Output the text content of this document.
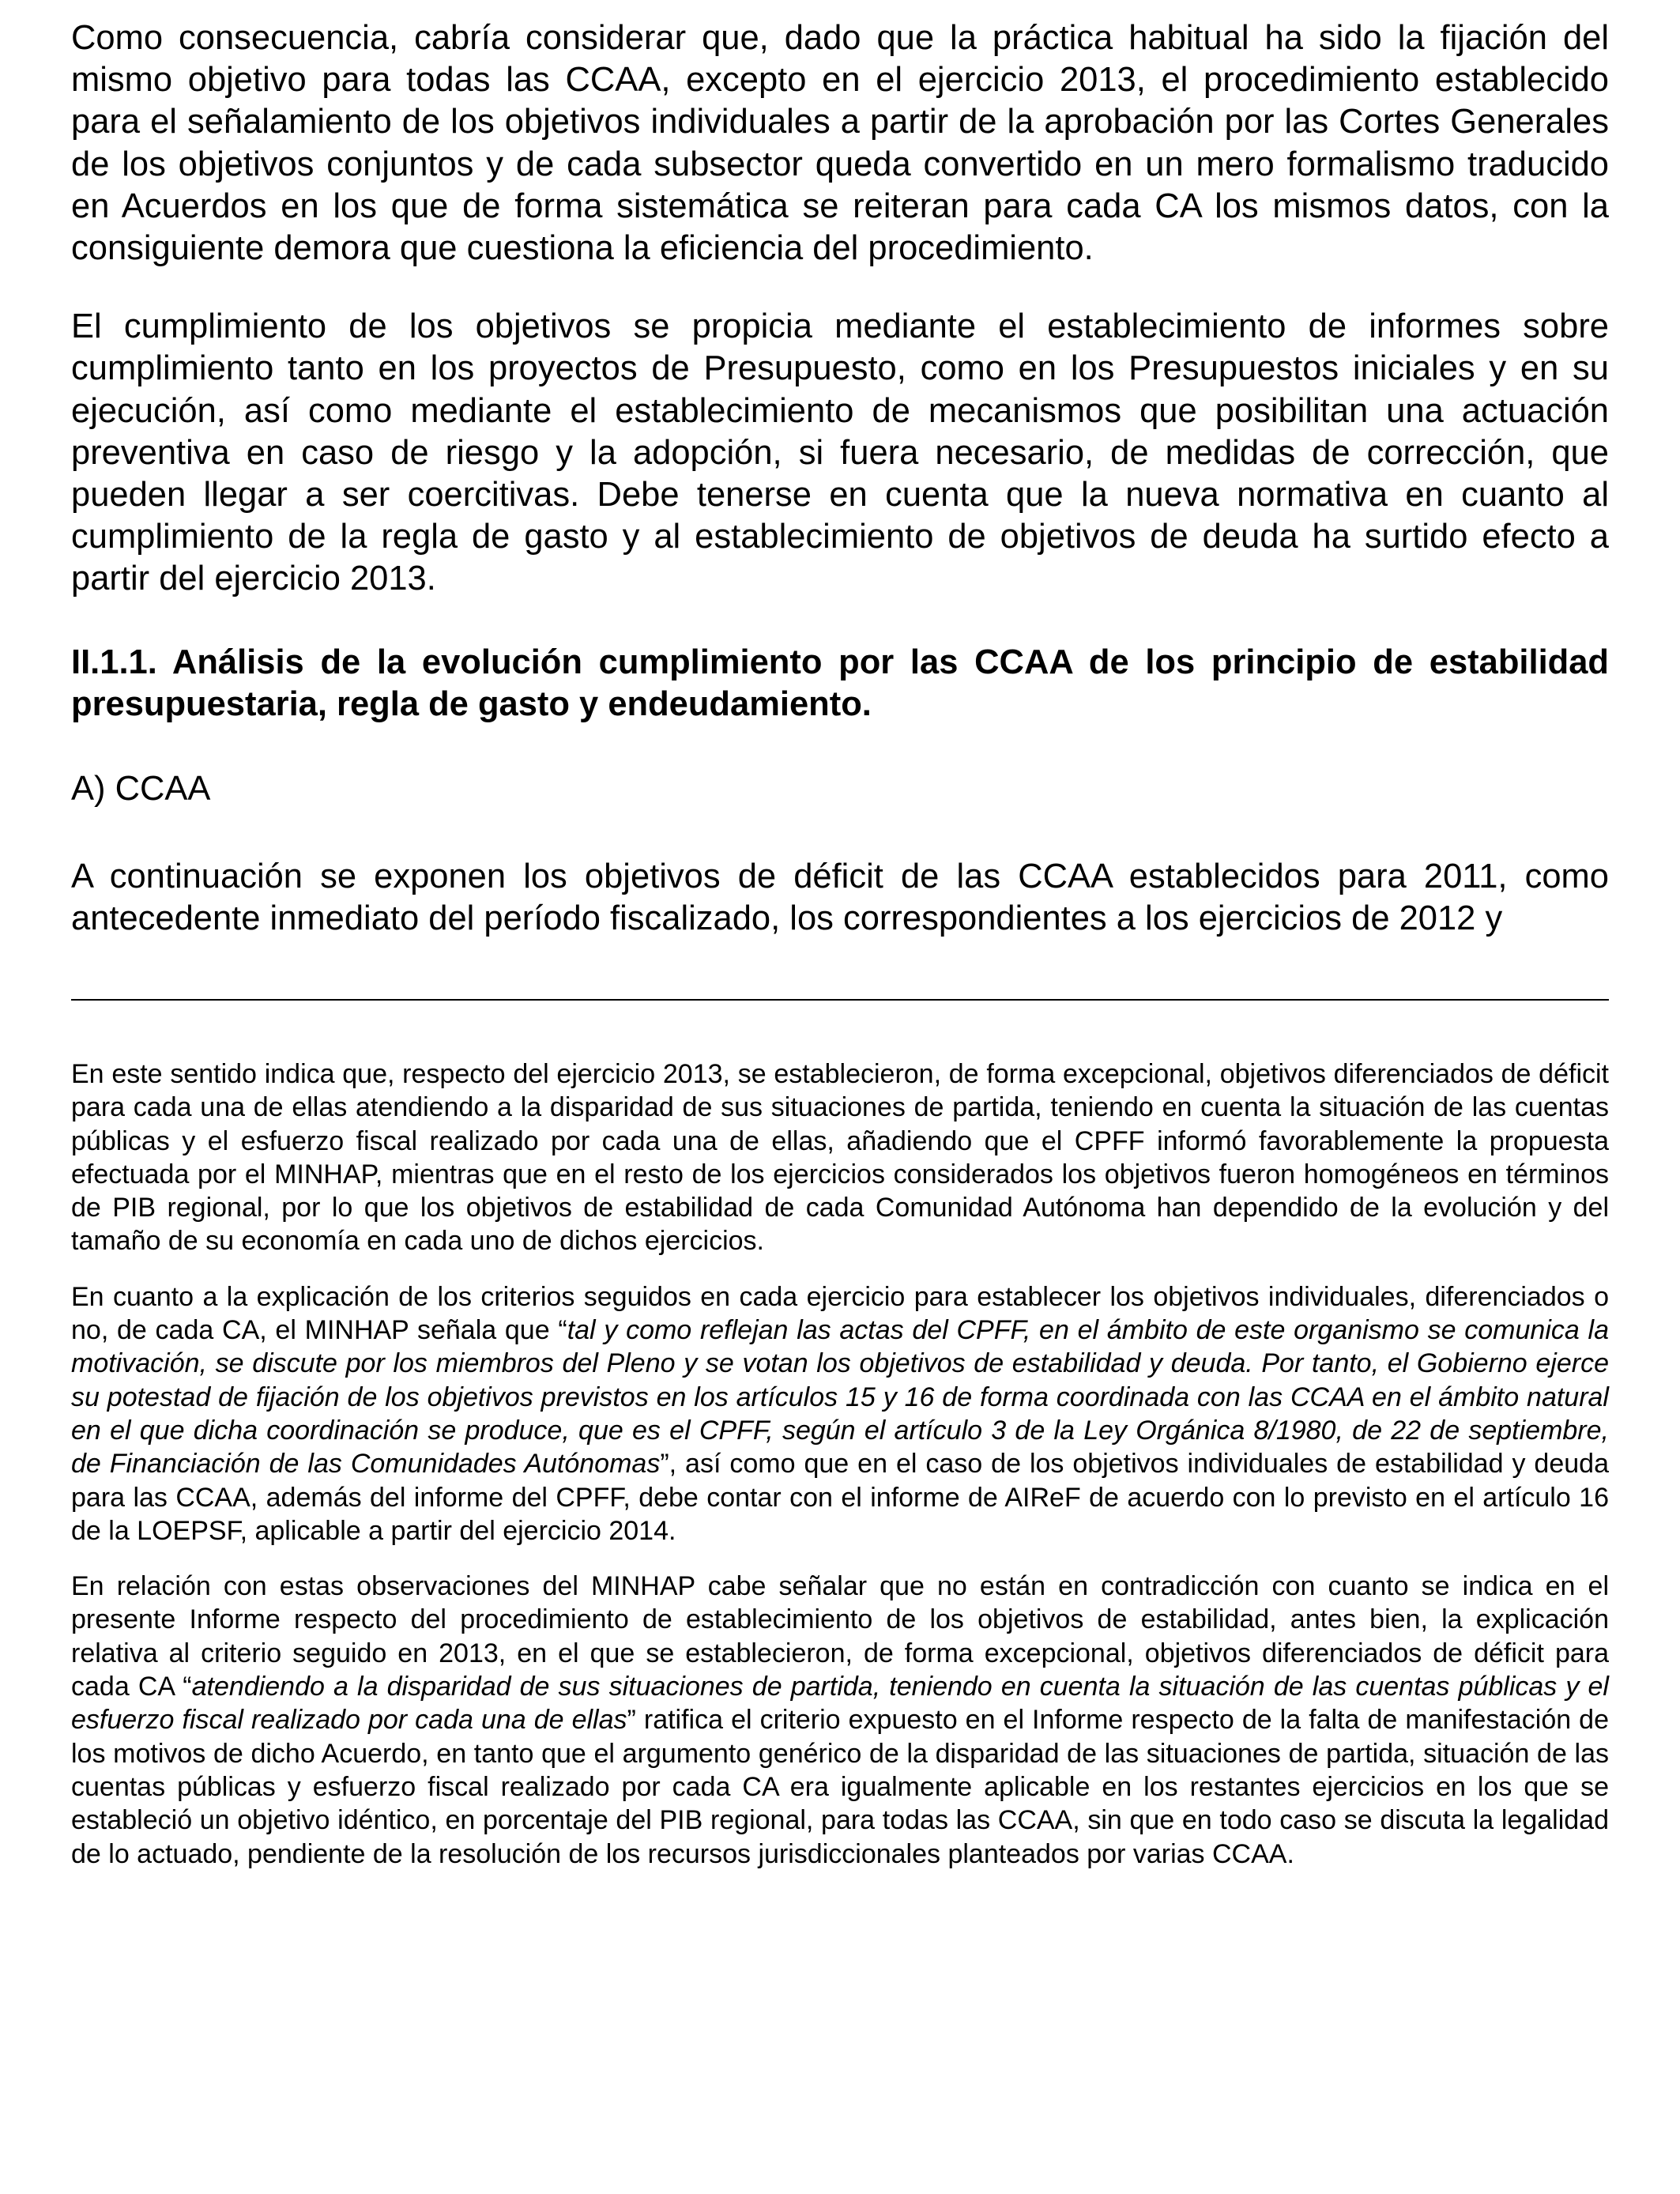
Como consecuencia, cabría considerar que, dado que la práctica habitual ha sido la fijación del mismo objetivo para todas las CCAA, excepto en el ejercicio 2013, el procedimiento establecido para el señalamiento de los objetivos individuales a partir de la aprobación por las Cortes Generales de los objetivos conjuntos y de cada subsector queda convertido en un mero formalismo traducido en Acuerdos en los que de forma sistemática se reiteran para cada CA los mismos datos, con la consiguiente demora que cuestiona la eficiencia del procedimiento.

El cumplimiento de los objetivos se propicia mediante el establecimiento de informes sobre cumplimiento tanto en los proyectos de Presupuesto, como en los Presupuestos iniciales y en su ejecución, así como mediante el establecimiento de mecanismos que posibilitan una actuación preventiva en caso de riesgo y la adopción, si fuera necesario, de medidas de corrección, que pueden llegar a ser coercitivas. Debe tenerse en cuenta que la nueva normativa en cuanto al cumplimiento de la regla de gasto y al establecimiento de objetivos de deuda ha surtido efecto a partir del ejercicio 2013.

II.1.1. Análisis de la evolución cumplimiento por las CCAA de los principio de estabilidad presupuestaria, regla de gasto y endeudamiento.

A) CCAA

A continuación se exponen los objetivos de déficit de las CCAA establecidos para 2011, como antecedente inmediato del período fiscalizado, los correspondientes a los ejercicios de 2012 y

En este sentido indica que, respecto del ejercicio 2013, se establecieron, de forma excepcional, objetivos diferenciados de déficit para cada una de ellas atendiendo a la disparidad de sus situaciones de partida, teniendo en cuenta la situación de las cuentas públicas y el esfuerzo fiscal realizado por cada una de ellas, añadiendo que el CPFF informó favorablemente la propuesta efectuada por el MINHAP, mientras que en el resto de los ejercicios considerados los objetivos fueron homogéneos en términos de PIB regional, por lo que los objetivos de estabilidad de cada Comunidad Autónoma han dependido de la evolución y del tamaño de su economía en cada uno de dichos ejercicios.

En cuanto a la explicación de los criterios seguidos en cada ejercicio para establecer los objetivos individuales, diferenciados o no, de cada CA, el MINHAP señala que “tal y como reflejan las actas del CPFF, en el ámbito de este organismo se comunica la motivación, se discute por los miembros del Pleno y se votan los objetivos de estabilidad y deuda. Por tanto, el Gobierno ejerce su potestad de fijación de los objetivos previstos en los artículos 15 y 16 de forma coordinada con las CCAA en el ámbito natural en el que dicha coordinación se produce, que es el CPFF, según el artículo 3 de la Ley Orgánica 8/1980, de 22 de septiembre, de Financiación de las Comunidades Autónomas”, así como que en el caso de los objetivos individuales de estabilidad y deuda para las CCAA, además del informe del CPFF, debe contar con el informe de AIReF de acuerdo con lo previsto en el artículo 16 de la LOEPSF, aplicable a partir del ejercicio 2014.

En relación con estas observaciones del MINHAP cabe señalar que no están en contradicción con cuanto se indica en el presente Informe respecto del procedimiento de establecimiento de los objetivos de estabilidad, antes bien, la explicación relativa al criterio seguido en 2013, en el que se establecieron, de forma excepcional, objetivos diferenciados de déficit para cada CA “atendiendo a la disparidad de sus situaciones de partida, teniendo en cuenta la situación de las cuentas públicas y el esfuerzo fiscal realizado por cada una de ellas” ratifica el criterio expuesto en el Informe respecto de la falta de manifestación de los motivos de dicho Acuerdo, en tanto que el argumento genérico de la disparidad de las situaciones de partida, situación de las cuentas públicas y esfuerzo fiscal realizado por cada CA era igualmente aplicable en los restantes ejercicios en los que se estableció un objetivo idéntico, en porcentaje del PIB regional, para todas las CCAA, sin que en todo caso se discuta la legalidad de lo actuado, pendiente de la resolución de los recursos jurisdiccionales planteados por varias CCAA.
